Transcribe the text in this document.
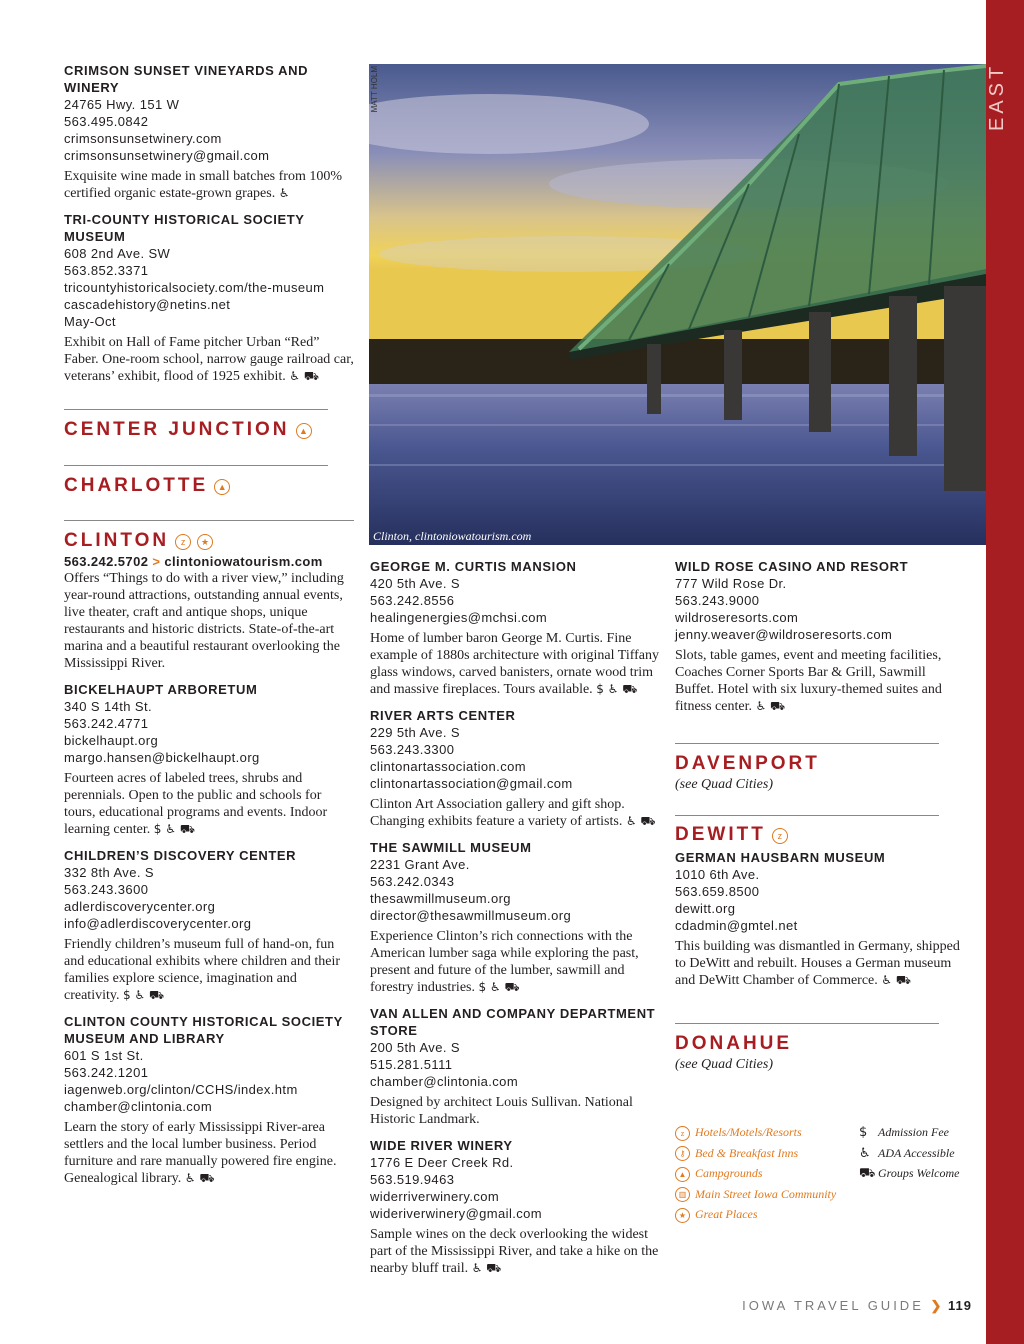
EAST
MATT HOLM
Clinton, clintoniowatourism.com
CRIMSON SUNSET VINEYARDS AND WINERY
24765 Hwy. 151 W
563.495.0842
crimsonsunsetwinery.com
crimsonsunsetwinery@gmail.com
Exquisite wine made in small batches from 100% certified organic estate-grown grapes. ♿
TRI-COUNTY HISTORICAL SOCIETY MUSEUM
608 2nd Ave. SW
563.852.3371
tricountyhistoricalsociety.com/the-museum
cascadehistory@netins.net
May-Oct
Exhibit on Hall of Fame pitcher Urban “Red” Faber. One-room school, narrow gauge railroad car, veterans’ exhibit, flood of 1925 exhibit. ♿ ⛟
CENTER JUNCTION ▲
CHARLOTTE ▲
CLINTON z ★
563.242.5702 > clintoniowatourism.com
Offers “Things to do with a river view,” including year-round attractions, outstanding annual events, live theater, craft and antique shops, unique restaurants and historic districts. State-of-the-art marina and a beautiful restaurant overlooking the Mississippi River.
BICKELHAUPT ARBORETUM
340 S 14th St.
563.242.4771
bickelhaupt.org
margo.hansen@bickelhaupt.org
Fourteen acres of labeled trees, shrubs and perennials. Open to the public and schools for tours, educational programs and events. Indoor learning center. $ ♿ ⛟
CHILDREN’S DISCOVERY CENTER
332 8th Ave. S
563.243.3600
adlerdiscoverycenter.org
info@adlerdiscoverycenter.org
Friendly children’s museum full of hand-on, fun and educational exhibits where children and their families explore science, imagination and creativity. $ ♿ ⛟
CLINTON COUNTY HISTORICAL SOCIETY MUSEUM AND LIBRARY
601 S 1st St.
563.242.1201
iagenweb.org/clinton/CCHS/index.htm
chamber@clintonia.com
Learn the story of early Mississippi River-area settlers and the local lumber business. Period furniture and rare manually powered fire engine. Genealogical library. ♿ ⛟
GEORGE M. CURTIS MANSION
420 5th Ave. S
563.242.8556
healingenergies@mchsi.com
Home of lumber baron George M. Curtis. Fine example of 1880s architecture with original Tiffany glass windows, carved banisters, ornate wood trim and massive fireplaces. Tours available. $ ♿ ⛟
RIVER ARTS CENTER
229 5th Ave. S
563.243.3300
clintonartassociation.com
clintonartassociation@gmail.com
Clinton Art Association gallery and gift shop. Changing exhibits feature a variety of artists. ♿ ⛟
THE SAWMILL MUSEUM
2231 Grant Ave.
563.242.0343
thesawmillmuseum.org
director@thesawmillmuseum.org
Experience Clinton’s rich connections with the American lumber saga while exploring the past, present and future of the lumber, sawmill and forestry industries. $ ♿ ⛟
VAN ALLEN AND COMPANY DEPARTMENT STORE
200 5th Ave. S
515.281.5111
chamber@clintonia.com
Designed by architect Louis Sullivan. National Historic Landmark.
WIDE RIVER WINERY
1776 E Deer Creek Rd.
563.519.9463
widerriverwinery.com
wideriverwinery@gmail.com
Sample wines on the deck overlooking the widest part of the Mississippi River, and take a hike on the nearby bluff trail. ♿ ⛟
WILD ROSE CASINO AND RESORT
777 Wild Rose Dr.
563.243.9000
wildroseresorts.com
jenny.weaver@wildroseresorts.com
Slots, table games, event and meeting facilities, Coaches Corner Sports Bar & Grill, Sawmill Buffet. Hotel with six luxury-themed suites and fitness center. ♿ ⛟
DAVENPORT
(see Quad Cities)
DEWITT z
GERMAN HAUSBARN MUSEUM
1010 6th Ave.
563.659.8500
dewitt.org
cdadmin@gmtel.net
This building was dismantled in Germany, shipped to DeWitt and rebuilt. Houses a German museum and DeWitt Chamber of Commerce. ♿ ⛟
DONAHUE
(see Quad Cities)
z Hotels/Motels/Resorts
⚷ Bed & Breakfast Inns
▲ Campgrounds
▥ Main Street Iowa Community
★ Great Places
$ Admission Fee
♿ ADA Accessible
⛟ Groups Welcome
IOWA TRAVEL GUIDE ❯ 119
